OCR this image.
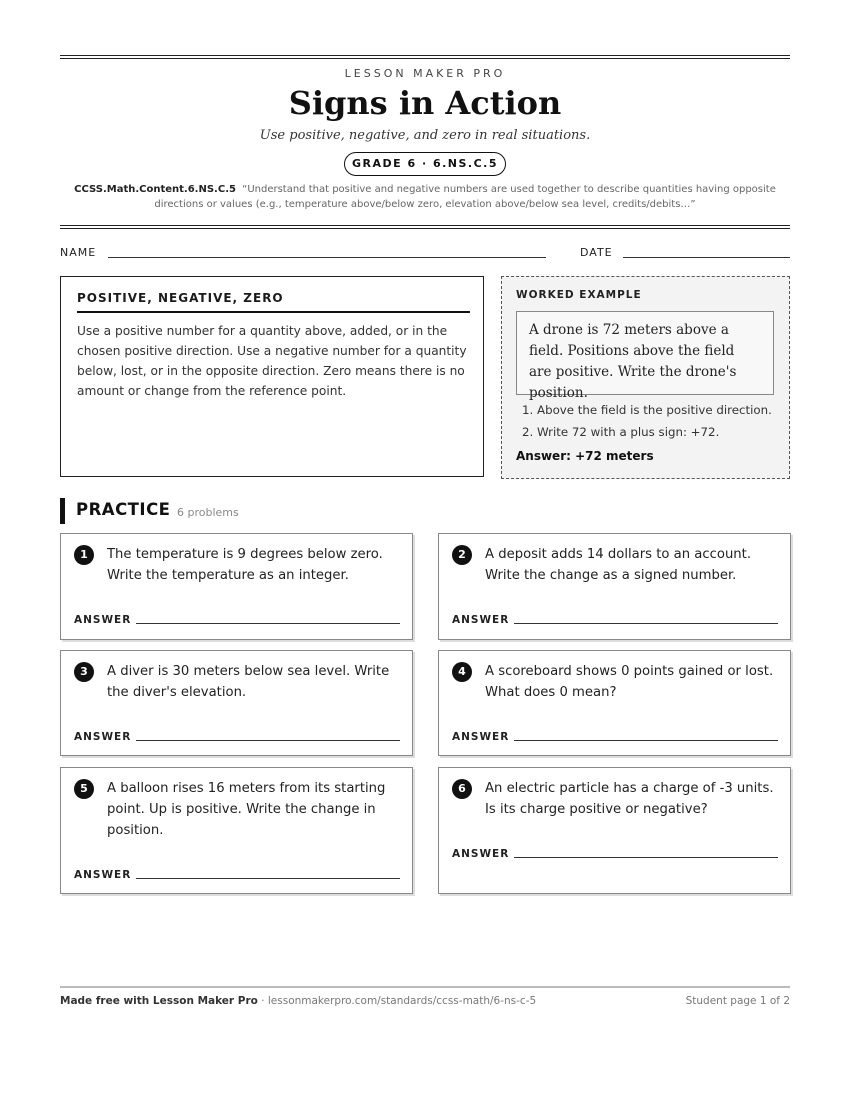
LESSON MAKER PRO
Signs in Action
Use positive, negative, and zero in real situations.
GRADE 6 · 6.NS.C.5
CCSS.Math.Content.6.NS.C.5 “Understand that positive and negative numbers are used together to describe quantities having opposite directions or values (e.g., temperature above/below zero, elevation above/below sea level, credits/debits…”
NAME	DATE
POSITIVE, NEGATIVE, ZERO
Use a positive number for a quantity above, added, or in the chosen positive direction. Use a negative number for a quantity below, lost, or in the opposite direction. Zero means there is no amount or change from the reference point.
WORKED EXAMPLE
A drone is 72 meters above a field. Positions above the field are positive. Write the drone's position.
1. Above the field is the positive direction.
2. Write 72 with a plus sign: +72.
Answer: +72 meters
PRACTICE 6 problems
1	The temperature is 9 degrees below zero. Write the temperature as an integer.
ANSWER
2	A deposit adds 14 dollars to an account. Write the change as a signed number.
ANSWER
3	A diver is 30 meters below sea level. Write the diver's elevation.
ANSWER
4	A scoreboard shows 0 points gained or lost. What does 0 mean?
ANSWER
5	A balloon rises 16 meters from its starting point. Up is positive. Write the change in position.
ANSWER
6	An electric particle has a charge of -3 units. Is its charge positive or negative?
ANSWER
Made free with Lesson Maker Pro · lessonmakerpro.com/standards/ccss-math/6-ns-c-5	Student page 1 of 2
